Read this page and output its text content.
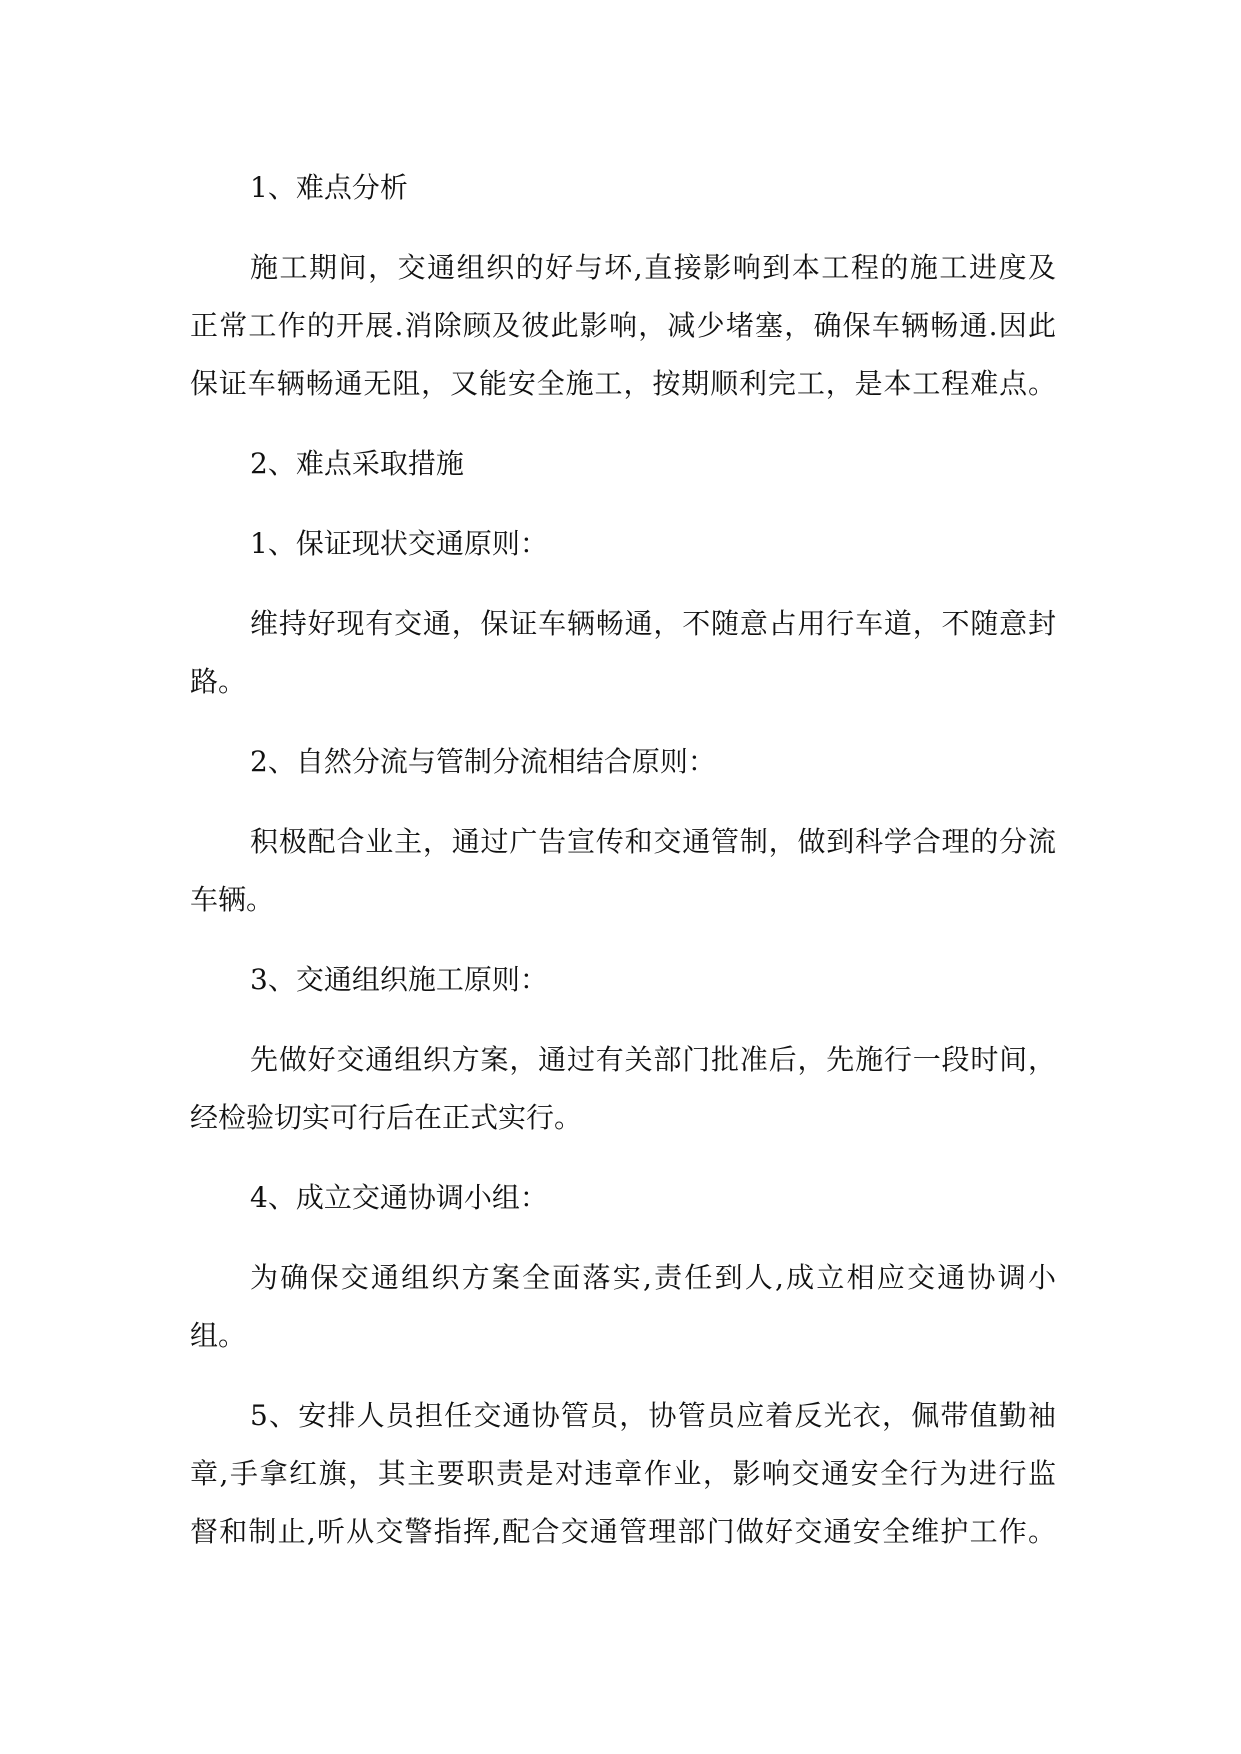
1、难点分析

施工期间，交通组织的好与坏,直接影响到本工程的施工进度及
正常工作的开展.消除顾及彼此影响，减少堵塞，确保车辆畅通.因此
保证车辆畅通无阻，又能安全施工，按期顺利完工，是本工程难点。

2、难点采取措施

1、保证现状交通原则：

维持好现有交通，保证车辆畅通，不随意占用行车道，不随意封
路。

2、自然分流与管制分流相结合原则：

积极配合业主，通过广告宣传和交通管制，做到科学合理的分流
车辆。

3、交通组织施工原则：

先做好交通组织方案，通过有关部门批准后，先施行一段时间，
经检验切实可行后在正式实行。

4、成立交通协调小组：

为确保交通组织方案全面落实,责任到人,成立相应交通协调小
组。

5、安排人员担任交通协管员，协管员应着反光衣，佩带值勤袖
章,手拿红旗，其主要职责是对违章作业，影响交通安全行为进行监
督和制止,听从交警指挥,配合交通管理部门做好交通安全维护工作。
